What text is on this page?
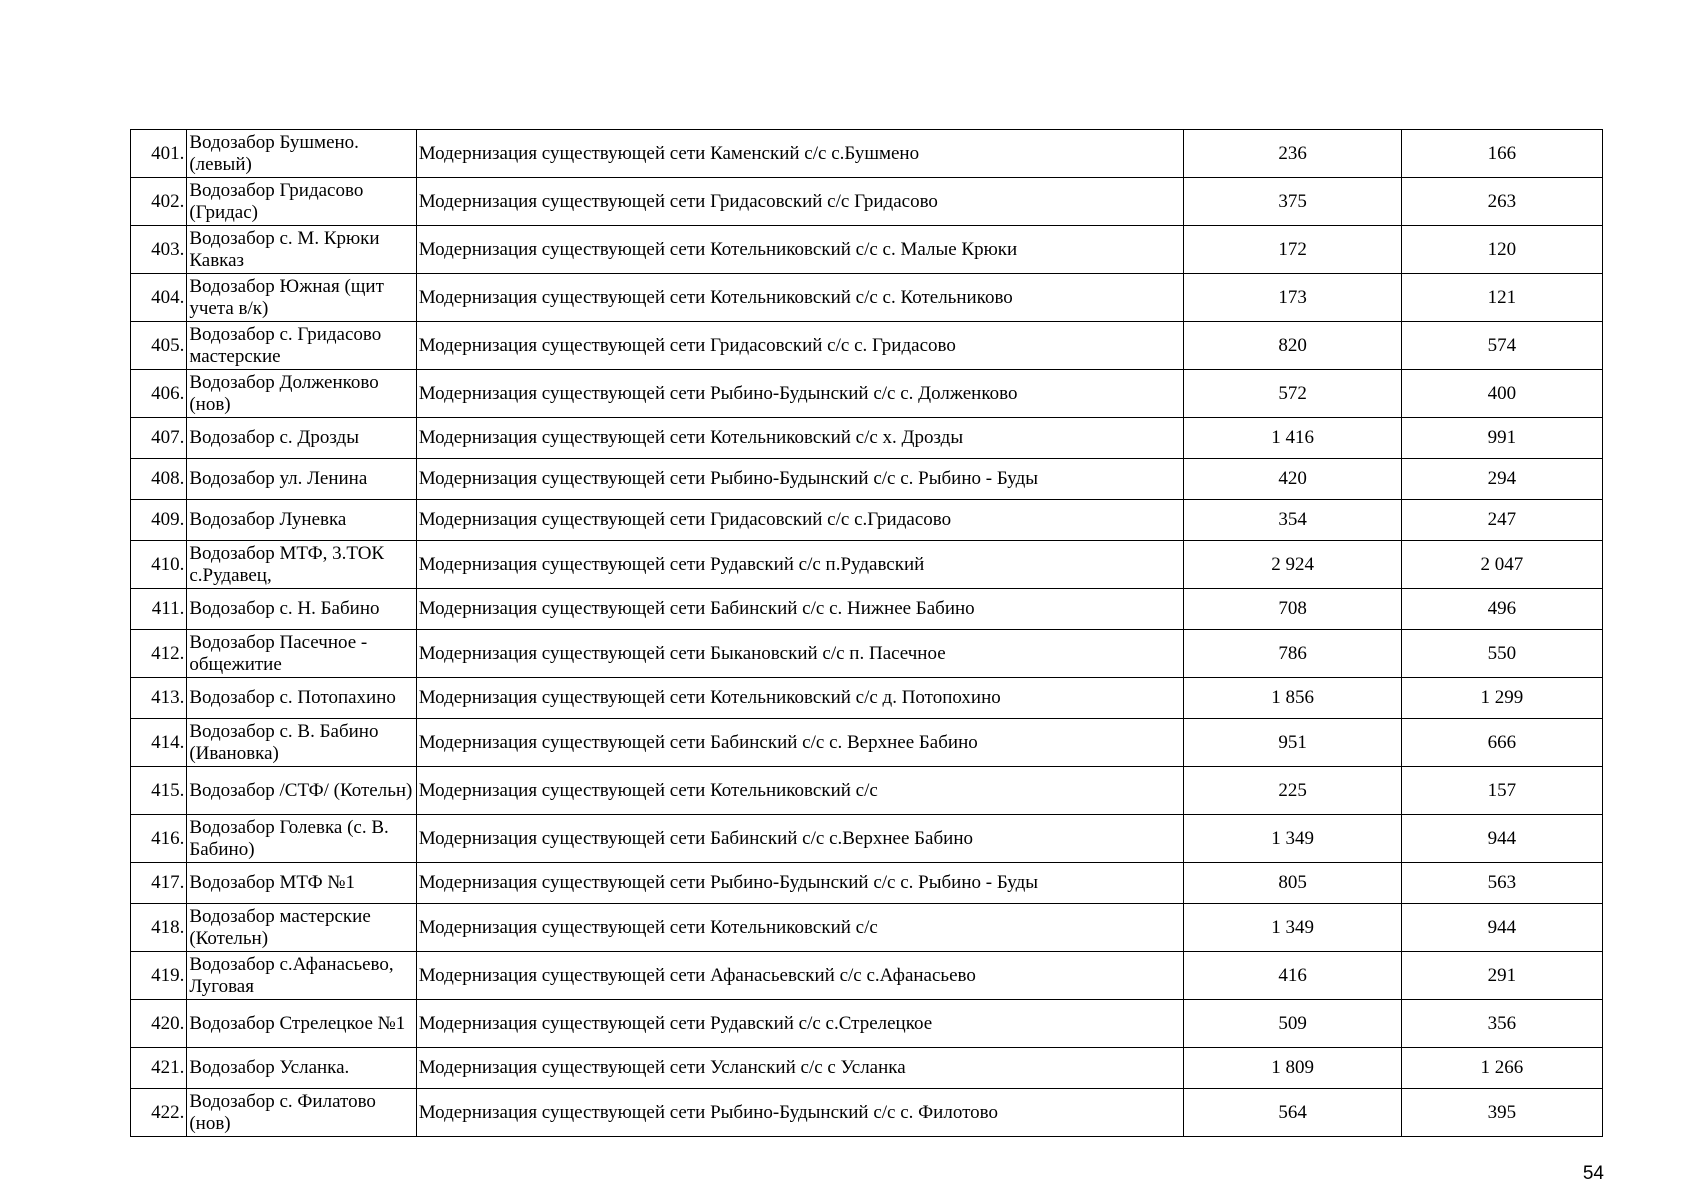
401.	Водозабор Бушмено. (левый)	Модернизация существующей сети Каменский с/с с.Бушмено	236	166
402.	Водозабор Гридасово (Гридас)	Модернизация существующей сети Гридасовский с/с Гридасово	375	263
403.	Водозабор с. М. Крюки Кавказ	Модернизация существующей сети Котельниковский с/с с. Малые Крюки	172	120
404.	Водозабор Южная (щит учета в/к)	Модернизация существующей сети Котельниковский с/с с. Котельниково	173	121
405.	Водозабор с. Гридасово мастерские	Модернизация существующей сети Гридасовский с/с с. Гридасово	820	574
406.	Водозабор Долженково (нов)	Модернизация существующей сети Рыбино-Будынский с/с с. Долженково	572	400
407.	Водозабор с. Дрозды	Модернизация существующей сети Котельниковский с/с х. Дрозды	1 416	991
408.	Водозабор ул. Ленина	Модернизация существующей сети Рыбино-Будынский с/с с. Рыбино - Буды	420	294
409.	Водозабор Луневка	Модернизация существующей сети Гридасовский с/с с.Гридасово	354	247
410.	Водозабор МТФ, 3.ТОК с.Рудавец,	Модернизация существующей сети Рудавский с/с п.Рудавский	2 924	2 047
411.	Водозабор с. Н. Бабино	Модернизация существующей сети Бабинский с/с с. Нижнее Бабино	708	496
412.	Водозабор Пасечное - общежитие	Модернизация существующей сети Быкановский с/с п. Пасечное	786	550
413.	Водозабор с. Потопахино	Модернизация существующей сети Котельниковский с/с д. Потопохино	1 856	1 299
414.	Водозабор с. В. Бабино (Ивановка)	Модернизация существующей сети Бабинский с/с с. Верхнее Бабино	951	666
415.	Водозабор /СТФ/ (Котельн)	Модернизация существующей сети Котельниковский с/с	225	157
416.	Водозабор Голевка (с. В. Бабино)	Модернизация существующей сети Бабинский с/с с.Верхнее Бабино	1 349	944
417.	Водозабор МТФ №1	Модернизация существующей сети Рыбино-Будынский с/с с. Рыбино - Буды	805	563
418.	Водозабор мастерские (Котельн)	Модернизация существующей сети Котельниковский с/с	1 349	944
419.	Водозабор с.Афанасьево, Луговая	Модернизация существующей сети Афанасьевский с/с с.Афанасьево	416	291
420.	Водозабор Стрелецкое №1	Модернизация существующей сети Рудавский с/с с.Стрелецкое	509	356
421.	Водозабор Усланка.	Модернизация существующей сети Усланский с/с с Усланка	1 809	1 266
422.	Водозабор с. Филатово (нов)	Модернизация существующей сети Рыбино-Будынский с/с с. Филотово	564	395
54
